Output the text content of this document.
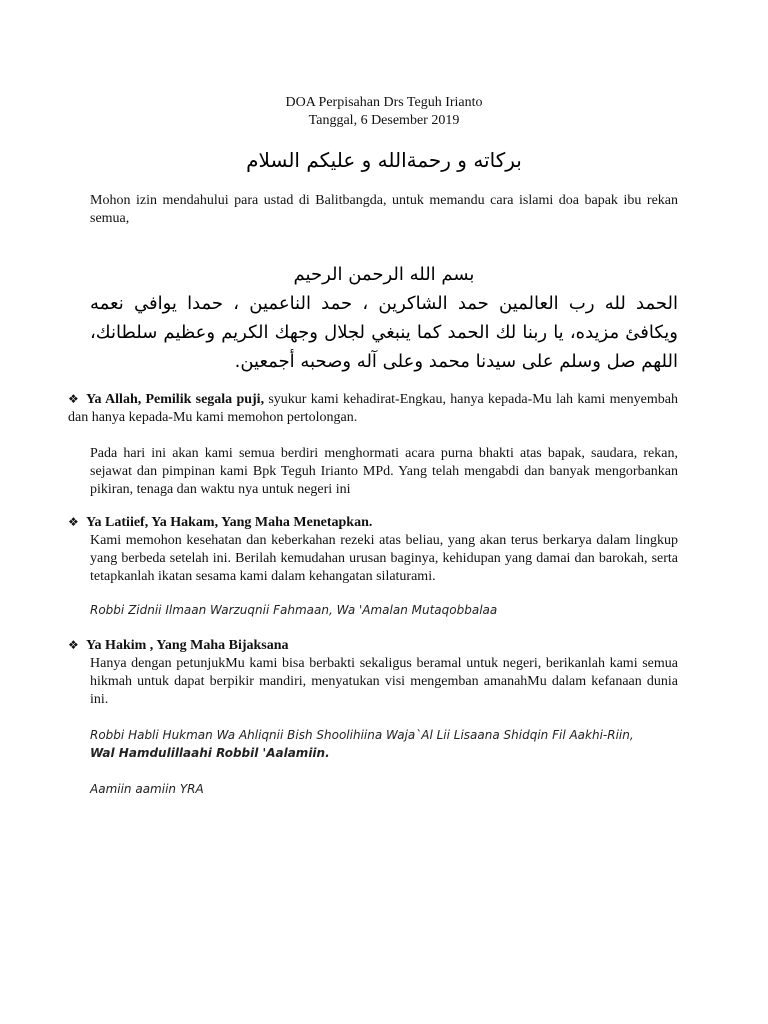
DOA Perpisahan Drs Teguh Irianto
Tanggal, 6 Desember 2019
بركاته و رحمةالله و عليكم السلام
Mohon izin mendahului para ustad di Balitbangda, untuk memandu cara islami doa bapak ibu rekan semua,
بسم الله الرحمن الرحيم
الحمد لله رب العالمين حمد الشاكرين ، حمد الناعمين ، حمدا يوافي نعمه ويكافئ مزيده، يا ربنا لك الحمد كما ينبغي لجلال وجهك الكريم وعظيم سلطانك، اللهم صل وسلم على سيدنا محمد وعلى آله وصحبه أجمعين.
❖ Ya Allah, Pemilik segala puji, syukur kami kehadirat-Engkau, hanya kepada-Mu lah kami menyembah dan hanya kepada-Mu kami memohon pertolongan.
Pada hari ini akan kami semua berdiri menghormati acara purna bhakti atas bapak, saudara, rekan, sejawat dan pimpinan kami Bpk Teguh Irianto MPd. Yang telah mengabdi dan banyak mengorbankan pikiran, tenaga dan waktu nya untuk negeri ini
❖ Ya Latiief, Ya Hakam, Yang Maha Menetapkan.
Kami memohon kesehatan dan keberkahan rezeki atas beliau, yang akan terus berkarya dalam lingkup yang berbeda setelah ini. Berilah kemudahan urusan baginya, kehidupan yang damai dan barokah, serta tetapkanlah ikatan sesama kami dalam kehangatan silaturami.
Robbi Zidnii Ilmaan Warzuqnii Fahmaan, Wa 'Amalan Mutaqobbalaa
❖ Ya Hakim , Yang Maha Bijaksana
Hanya dengan petunjukMu kami bisa berbakti sekaligus beramal untuk negeri, berikanlah kami semua hikmah untuk dapat berpikir mandiri, menyatukan visi mengemban amanahMu dalam kefanaan dunia ini.
Robbi Habli Hukman Wa Ahliqnii Bish Shoolihiina Waja`Al Lii Lisaana Shidqin Fil Aakhi-Riin,
Wal Hamdulillaahi Robbil 'Aalamiin.
Aamiin aamiin YRA
